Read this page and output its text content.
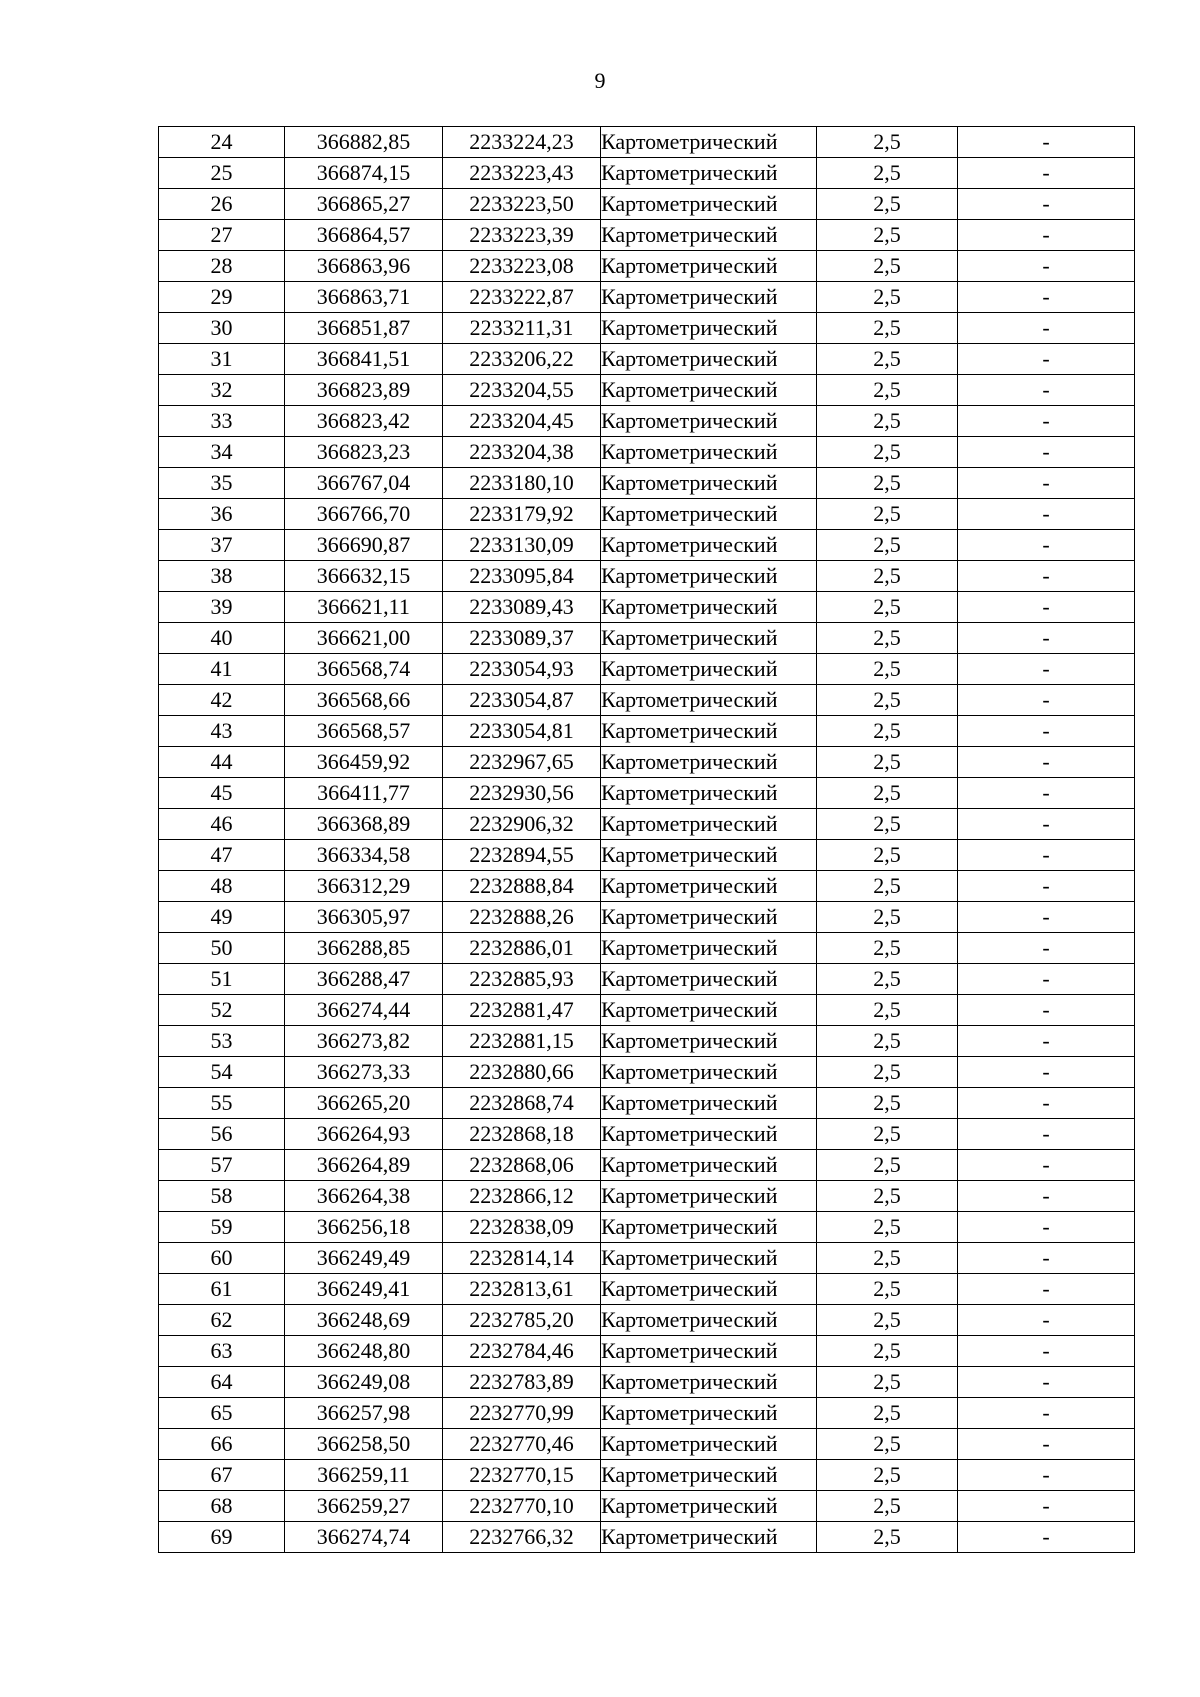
9
24	366882,85	2233224,23	Картометрический	2,5	-
25	366874,15	2233223,43	Картометрический	2,5	-
26	366865,27	2233223,50	Картометрический	2,5	-
27	366864,57	2233223,39	Картометрический	2,5	-
28	366863,96	2233223,08	Картометрический	2,5	-
29	366863,71	2233222,87	Картометрический	2,5	-
30	366851,87	2233211,31	Картометрический	2,5	-
31	366841,51	2233206,22	Картометрический	2,5	-
32	366823,89	2233204,55	Картометрический	2,5	-
33	366823,42	2233204,45	Картометрический	2,5	-
34	366823,23	2233204,38	Картометрический	2,5	-
35	366767,04	2233180,10	Картометрический	2,5	-
36	366766,70	2233179,92	Картометрический	2,5	-
37	366690,87	2233130,09	Картометрический	2,5	-
38	366632,15	2233095,84	Картометрический	2,5	-
39	366621,11	2233089,43	Картометрический	2,5	-
40	366621,00	2233089,37	Картометрический	2,5	-
41	366568,74	2233054,93	Картометрический	2,5	-
42	366568,66	2233054,87	Картометрический	2,5	-
43	366568,57	2233054,81	Картометрический	2,5	-
44	366459,92	2232967,65	Картометрический	2,5	-
45	366411,77	2232930,56	Картометрический	2,5	-
46	366368,89	2232906,32	Картометрический	2,5	-
47	366334,58	2232894,55	Картометрический	2,5	-
48	366312,29	2232888,84	Картометрический	2,5	-
49	366305,97	2232888,26	Картометрический	2,5	-
50	366288,85	2232886,01	Картометрический	2,5	-
51	366288,47	2232885,93	Картометрический	2,5	-
52	366274,44	2232881,47	Картометрический	2,5	-
53	366273,82	2232881,15	Картометрический	2,5	-
54	366273,33	2232880,66	Картометрический	2,5	-
55	366265,20	2232868,74	Картометрический	2,5	-
56	366264,93	2232868,18	Картометрический	2,5	-
57	366264,89	2232868,06	Картометрический	2,5	-
58	366264,38	2232866,12	Картометрический	2,5	-
59	366256,18	2232838,09	Картометрический	2,5	-
60	366249,49	2232814,14	Картометрический	2,5	-
61	366249,41	2232813,61	Картометрический	2,5	-
62	366248,69	2232785,20	Картометрический	2,5	-
63	366248,80	2232784,46	Картометрический	2,5	-
64	366249,08	2232783,89	Картометрический	2,5	-
65	366257,98	2232770,99	Картометрический	2,5	-
66	366258,50	2232770,46	Картометрический	2,5	-
67	366259,11	2232770,15	Картометрический	2,5	-
68	366259,27	2232770,10	Картометрический	2,5	-
69	366274,74	2232766,32	Картометрический	2,5	-
